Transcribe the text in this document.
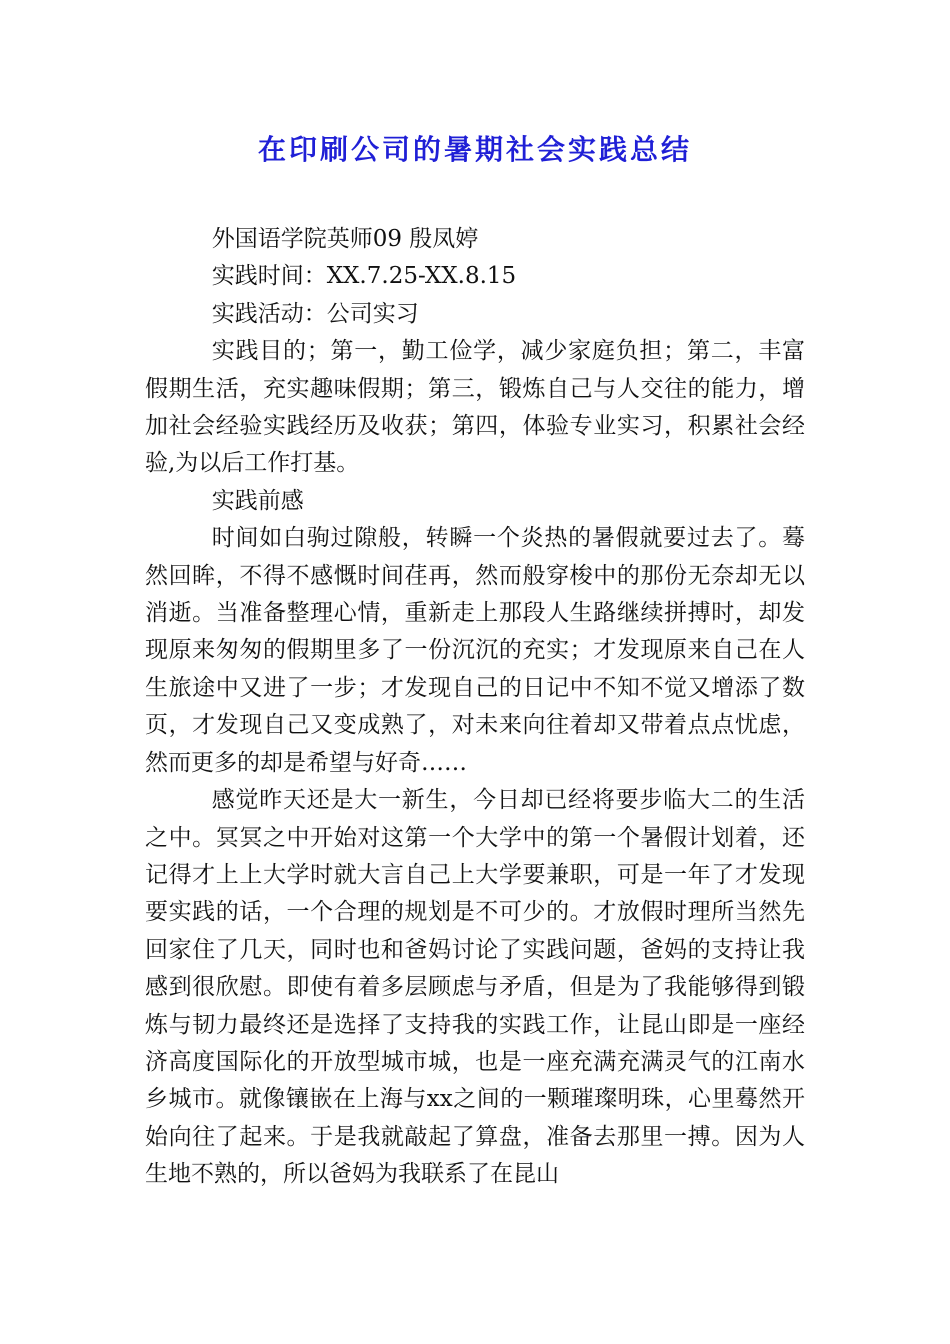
在印刷公司的暑期社会实践总结

外国语学院英师09 殷凤婷

实践时间：XX.7.25-XX.8.15

实践活动：公司实习

实践目的；第一，勤工俭学，减少家庭负担；第二，丰富假期生活，充实趣味假期；第三，锻炼自己与人交往的能力，增加社会经验实践经历及收获；第四，体验专业实习，积累社会经验,为以后工作打基。

实践前感

时间如白驹过隙般，转瞬一个炎热的暑假就要过去了。蓦然回眸，不得不感慨时间荏再，然而般穿梭中的那份无奈却无以消逝。当准备整理心情，重新走上那段人生路继续拼搏时，却发现原来匆匆的假期里多了一份沉沉的充实；才发现原来自己在人生旅途中又进了一步；才发现自己的日记中不知不觉又增添了数页，才发现自己又变成熟了，对未来向往着却又带着点点忧虑，然而更多的却是希望与好奇……

感觉昨天还是大一新生，今日却已经将要步临大二的生活之中。冥冥之中开始对这第一个大学中的第一个暑假计划着，还记得才上上大学时就大言自己上大学要兼职，可是一年了才发现要实践的话，一个合理的规划是不可少的。才放假时理所当然先回家住了几天，同时也和爸妈讨论了实践问题，爸妈的支持让我感到很欣慰。即使有着多层顾虑与矛盾，但是为了我能够得到锻炼与韧力最终还是选择了支持我的实践工作，让昆山即是一座经济高度国际化的开放型城市城，也是一座充满充满灵气的江南水乡城市。就像镶嵌在上海与xx之间的一颗璀璨明珠，心里蓦然开始向往了起来。于是我就敲起了算盘，准备去那里一搏。因为人生地不熟的，所以爸妈为我联系了在昆山
